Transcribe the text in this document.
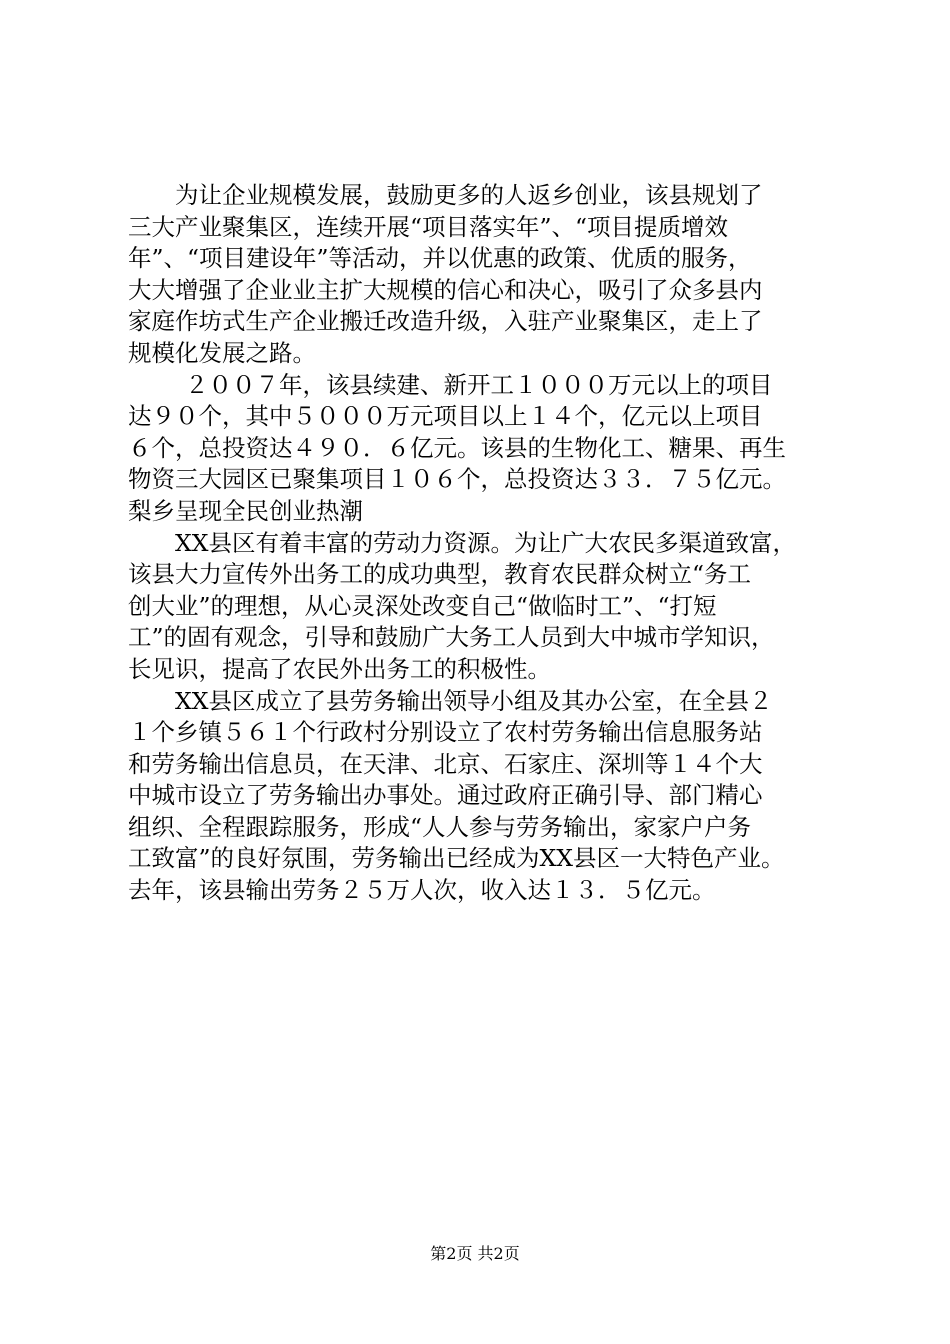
为让企业规模发展，鼓励更多的人返乡创业，该县规划了
三大产业聚集区，连续开展“项目落实年”、“项目提质增效
年”、“项目建设年”等活动，并以优惠的政策、优质的服务，
大大增强了企业业主扩大规模的信心和决心，吸引了众多县内
家庭作坊式生产企业搬迁改造升级，入驻产业聚集区，走上了
规模化发展之路。
２００７年，该县续建、新开工１０００万元以上的项目
达９０个，其中５０００万元项目以上１４个，亿元以上项目
６个，总投资达４９０．６亿元。该县的生物化工、糖果、再生
物资三大园区已聚集项目１０６个，总投资达３３．７５亿元。
梨乡呈现全民创业热潮
XX县区有着丰富的劳动力资源。为让广大农民多渠道致富，
该县大力宣传外出务工的成功典型，教育农民群众树立“务工
创大业”的理想，从心灵深处改变自己“做临时工”、“打短
工”的固有观念，引导和鼓励广大务工人员到大中城市学知识，
长见识，提高了农民外出务工的积极性。
XX县区成立了县劳务输出领导小组及其办公室，在全县２
１个乡镇５６１个行政村分别设立了农村劳务输出信息服务站
和劳务输出信息员，在天津、北京、石家庄、深圳等１４个大
中城市设立了劳务输出办事处。通过政府正确引导、部门精心
组织、全程跟踪服务，形成“人人参与劳务输出，家家户户务
工致富”的良好氛围，劳务输出已经成为XX县区一大特色产业。
去年，该县输出劳务２５万人次，收入达１３．５亿元。
第2页 共2页
